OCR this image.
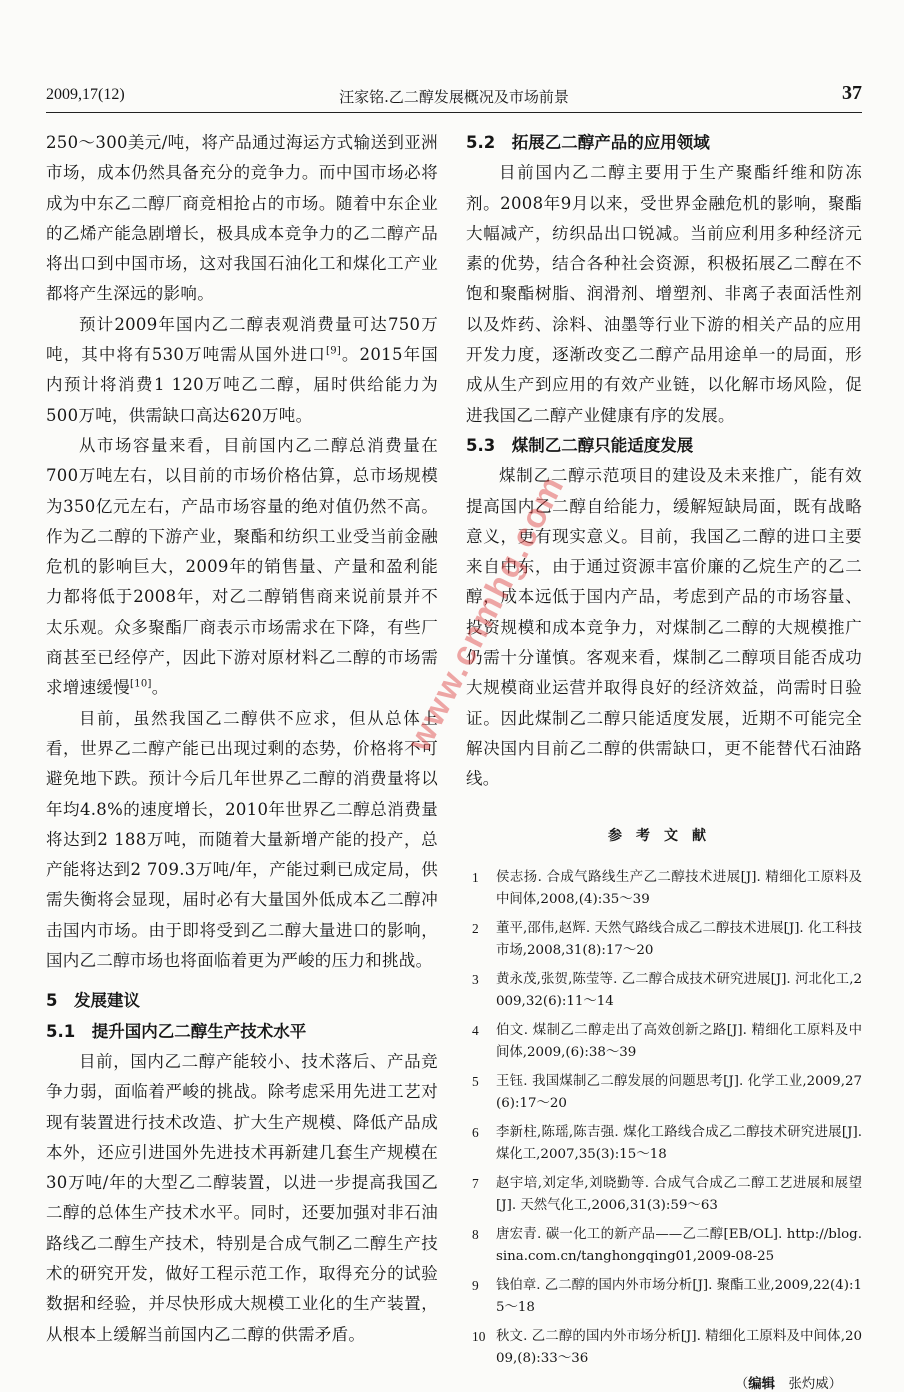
2009,17(12)	汪家铭.乙二醇发展概况及市场前景	37

250～300美元/吨，将产品通过海运方式输送到亚洲市场，成本仍然具备充分的竞争力。而中国市场必将成为中东乙二醇厂商竞相抢占的市场。随着中东企业的乙烯产能急剧增长，极具成本竞争力的乙二醇产品将出口到中国市场，这对我国石油化工和煤化工产业都将产生深远的影响。

预计2009年国内乙二醇表观消费量可达750万吨，其中将有530万吨需从国外进口[9]。2015年国内预计将消费1 120万吨乙二醇，届时供给能力为500万吨，供需缺口高达620万吨。

从市场容量来看，目前国内乙二醇总消费量在700万吨左右，以目前的市场价格估算，总市场规模为350亿元左右，产品市场容量的绝对值仍然不高。作为乙二醇的下游产业，聚酯和纺织工业受当前金融危机的影响巨大，2009年的销售量、产量和盈利能力都将低于2008年，对乙二醇销售商来说前景并不太乐观。众多聚酯厂商表示市场需求在下降，有些厂商甚至已经停产，因此下游对原材料乙二醇的市场需求增速缓慢[10]。

目前，虽然我国乙二醇供不应求，但从总体上看，世界乙二醇产能已出现过剩的态势，价格将不可避免地下跌。预计今后几年世界乙二醇的消费量将以年均4.8%的速度增长，2010年世界乙二醇总消费量将达到2 188万吨，而随着大量新增产能的投产，总产能将达到2 709.3万吨/年，产能过剩已成定局，供需失衡将会显现，届时必有大量国外低成本乙二醇冲击国内市场。由于即将受到乙二醇大量进口的影响，国内乙二醇市场也将面临着更为严峻的压力和挑战。

5　发展建议
5.1　提升国内乙二醇生产技术水平

目前，国内乙二醇产能较小、技术落后、产品竞争力弱，面临着严峻的挑战。除考虑采用先进工艺对现有装置进行技术改造、扩大生产规模、降低产品成本外，还应引进国外先进技术再新建几套生产规模在30万吨/年的大型乙二醇装置，以进一步提高我国乙二醇的总体生产技术水平。同时，还要加强对非石油路线乙二醇生产技术，特别是合成气制乙二醇生产技术的研究开发，做好工程示范工作，取得充分的试验数据和经验，并尽快形成大规模工业化的生产装置，从根本上缓解当前国内乙二醇的供需矛盾。

5.2　拓展乙二醇产品的应用领域

目前国内乙二醇主要用于生产聚酯纤维和防冻剂。2008年9月以来，受世界金融危机的影响，聚酯大幅减产，纺织品出口锐减。当前应利用多种经济元素的优势，结合各种社会资源，积极拓展乙二醇在不饱和聚酯树脂、润滑剂、增塑剂、非离子表面活性剂以及炸药、涂料、油墨等行业下游的相关产品的应用开发力度，逐渐改变乙二醇产品用途单一的局面，形成从生产到应用的有效产业链，以化解市场风险，促进我国乙二醇产业健康有序的发展。

5.3　煤制乙二醇只能适度发展

煤制乙二醇示范项目的建设及未来推广，能有效提高国内乙二醇自给能力，缓解短缺局面，既有战略意义，更有现实意义。目前，我国乙二醇的进口主要来自中东，由于通过资源丰富价廉的乙烷生产的乙二醇，成本远低于国内产品，考虑到产品的市场容量、投资规模和成本竞争力，对煤制乙二醇的大规模推广仍需十分谨慎。客观来看，煤制乙二醇项目能否成功大规模商业运营并取得良好的经济效益，尚需时日验证。因此煤制乙二醇只能适度发展，近期不可能完全解决国内目前乙二醇的供需缺口，更不能替代石油路线。

参考文献
1 侯志扬. 合成气路线生产乙二醇技术进展[J]. 精细化工原料及中间体,2008,(4):35～39
2 董平,邵伟,赵辉. 天然气路线合成乙二醇技术进展[J]. 化工科技市场,2008,31(8):17～20
3 黄永茂,张贺,陈莹等. 乙二醇合成技术研究进展[J]. 河北化工,2009,32(6):11～14
4 伯文. 煤制乙二醇走出了高效创新之路[J]. 精细化工原料及中间体,2009,(6):38～39
5 王钰. 我国煤制乙二醇发展的问题思考[J]. 化学工业,2009,27(6):17～20
6 李新柱,陈瑶,陈吉强. 煤化工路线合成乙二醇技术研究进展[J]. 煤化工,2007,35(3):15～18
7 赵宇培,刘定华,刘晓勤等. 合成气合成乙二醇工艺进展和展望[J]. 天然气化工,2006,31(3):59～63
8 唐宏青. 碳一化工的新产品——乙二醇[EB/OL]. http://blog.sina.com.cn/tanghongqing01,2009-08-25
9 钱伯章. 乙二醇的国内外市场分析[J]. 聚酯工业,2009,22(4):15～18
10 秋文. 乙二醇的国内外市场分析[J]. 精细化工原料及中间体,2009,(8):33～36
（编辑　 张灼威）
www.cnmhg.com
